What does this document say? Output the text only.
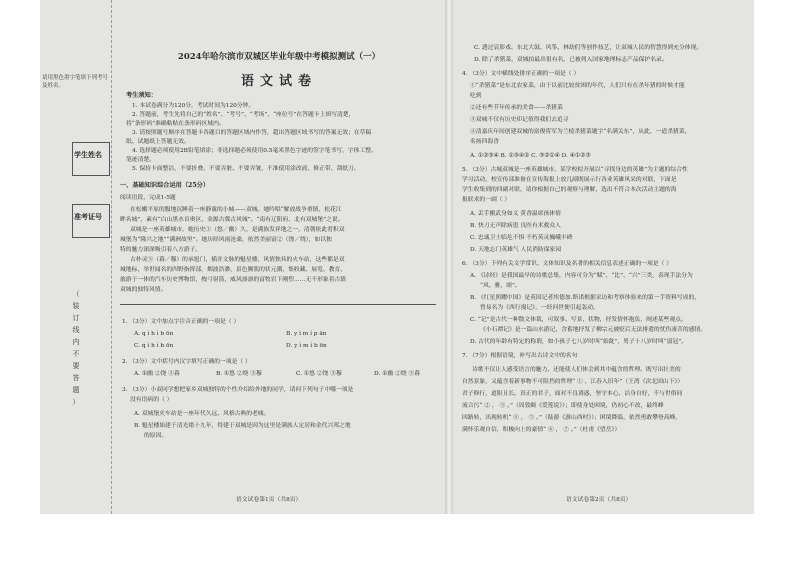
请用黑色墨字笔填下列考号及姓名。
学生姓名
准考证号
（
装
订
线
内
不
要
答
题
）
2024年哈尔滨市双城区毕业年级中考模拟测试（一）
语文试卷
考生须知：
1. 本试卷满分为120分，考试时间为120分钟。
2. 答题前，考生先将自己的“姓名”、“考号”、“考场”、“座位号”在答题卡上填写清楚，
将“条形码”准确粘贴在条形码区域内。
3. 请按照题号顺序在答题卡各题目的答题区域内作答，超出答题区域书写的答案无效；在草稿
纸、试题纸上答题无效。
4. 选择题必须使用2B铅笔填涂；非选择题必须使用0.5毫米黑色字迹的签字笔书写，字体工整、
笔迹清楚。
5. 保持卡面整洁，不要折叠、不要弄脏、不要弄皱，不准使用涂改液、修正带、刮纸刀。
一、基础知识综合运用（25分）
阅读语段，完成1-5题
在松嫩平原的腹地沉睡着一座静谧的小城——双城。她吟唱“解放战争重镇，松花江
畔名城”，素有“白山黑水首奥区，金源古冀古风城”、“南有辽阳府，北有双城堡”之说。
双城是一座英雄城市，她历史①（悠／幽）久，是满族发祥地之一，清朝依此肴积双
城堡为“隆兴之地”“满洲故里”。她历经风雨沧桑，依然美丽富②（饶／绕），如以独
特的魅力深深吸引着八方游子。
古朴灵③（暮／穆）的承旭门，插并文脉的魁星楼，风情独具的火车站，这些都是双
城地标，举世闻名的四野指挥部，烟波浩渺，景色腾凯的状元潮，集收藏、展览、教育、
旅游于一体的汽车历史博物馆，拽弓射箭，威风凛凛的富牧岩下刚塑……无不形象着古镇
双城的独特风情。
1. （3分）文中加点字注音正确的一项是（ ）
A. q ì h ì b ōn	B. y ì m í p ān
C. q ì h ì b ōn	D. y ì m í b ōn
2. （3分）文中括号内汉字填写正确的一项是（ ）
A. ①幽 ②饶 ③暮	B. ①悠 ②绕 ③穆	C. ①悠 ②饶 ③穆	D. ①幽 ②绕 ③暮
3. （3分）小双同学想把家乡双城独特的个性介绍给外地的同学，请问下列句子中哪一项是
没有语病的（ ）
A. 双城堡火车站是一座年代久远、风格古典的老城。
B. 魁星楼始建于清光绪十九年，得建于双城是因为这里是满族人定居和金代兴邦之地
的原因。
语文试卷第1页（共8页）
C. 透过哀影戏、东北大鼓、风筝、林劫们等创作技艺，让双城人民的智慧得到充分体现。
D. 除了杀猪菜，双城拍最出很有名，已被列入国家地理标志产品保护名录。
4. （3分）文中横线处排序正确的一项是（ ）
①“杀猪菜”是东北农家菜，由于以前比较贫困的年代，人们只有在杀年猪的时候才能
吃到
②还有些节年传承的美食——杀猪菜
③双城不仅有历史印记值得我们去追寻
④清嘉庆年间创建双城的富俊将军为兰棱杀猪菜题字“名满关东”，从此，一道杀猪菜，
名扬四海香
A. ①②③④ B. ①③④② C. ③②①④ D. ④①②③
5. （3分）古城双城是一座英雄城市，某学校拟开展以“寻找身边的英雄”为主题的综合性
学习活动，校宣传部准备在宣传海报上放几副既展示行各业英雄风采的对联，下面是
学生收集到的四副对联，请你根据自己的观察与理解，选出不符合本次活动主题的海
报联求的一副（ ）
A. 丢手搬武身如义 黄香温席孩体情
B. 快刀无声除病患 良医有术救众人
C. 忠诚卫士临危不惧 不朽英灵巍峨丰碑
D. 天地忘门英雄气 人民消防保家园
6. （3分）下列有关文学常识、文体知识及名著的相关信息表述正确的一项是（ ）
A. 《诗经》是我国最早的诗歌总集，内容可分为“赋”、“比”、“兴”三类，表现手法分为
“风、雅、颂”。
B. 《红星照耀中国》是英国记者埃德加.斯诺根据采访和考察体验来的第一手资料写成的，
曾易名为《西行漫记》，一经问世便引起轰动。
C. “记”是古代一种散文体裁，可叙事、写景、状物，抒发情怀抱负，阐述某些观点。
《小石潭记》是一篇山水游记，含蓄地抒发了柳宗元被贬后无法排遣的忧伤凄苦的感情。
D. 古代的年龄有特定的称谓，如小孩子七八岁时叫“始龀”，男子十八岁时叫“弱冠”。
7. （7分）根据语境，补写出古诗文中的名句
诗歌不仅让人感受语言的魅力，还能使人们体会到其中蕴含的哲理。既写出壮美的
自然景象，又蕴含着新事物不可阻挡的哲理“ ① ，江春入旧年”（王湾《次北固山下》）
君子修行，道阻且长。真正的君子，面对不良诱惑，坚守本心，洁身自好，不与世俗同
流合污“ ② ， ③ 。”（周敦颐《爱莲说》）；即使身处困境，仍初心不改，最终峰
回路转，出现转机“ ④ ， ⑤ 。”（陆游《游山西村》）；困境降临，依然勇敢攀登高峰，
满怀乐观自信，积极向上的豪情“ ⑥ ， ⑦ 。”（杜甫《望岳》）
语文试卷第2页（共8页）
